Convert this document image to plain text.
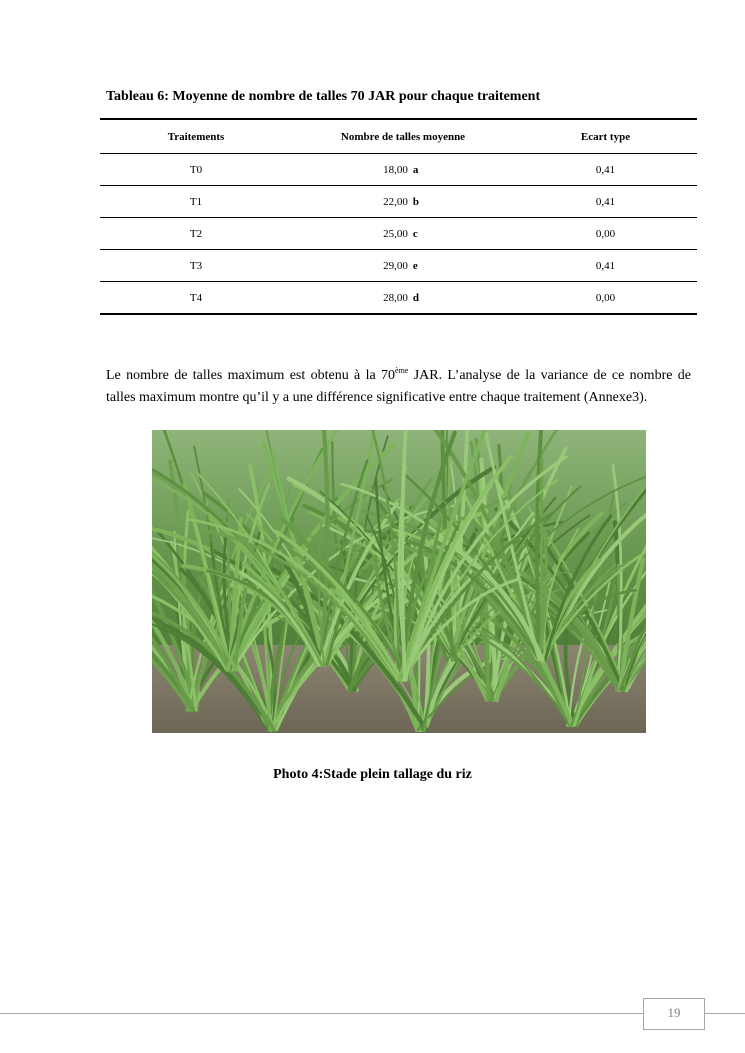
Tableau 6: Moyenne de nombre de talles 70 JAR pour chaque traitement
Traitements	Nombre de talles moyenne	Ecart type
T0	18,00 a	0,41
T1	22,00 b	0,41
T2	25,00 c	0,00
T3	29,00 e	0,41
T4	28,00 d	0,00

Le nombre de talles maximum est obtenu à la 70ème JAR. L’analyse de la variance de ce nombre de talles maximum montre qu’il y a une différence significative entre chaque traitement (Annexe3).

Photo 4:Stade plein tallage du riz
19
